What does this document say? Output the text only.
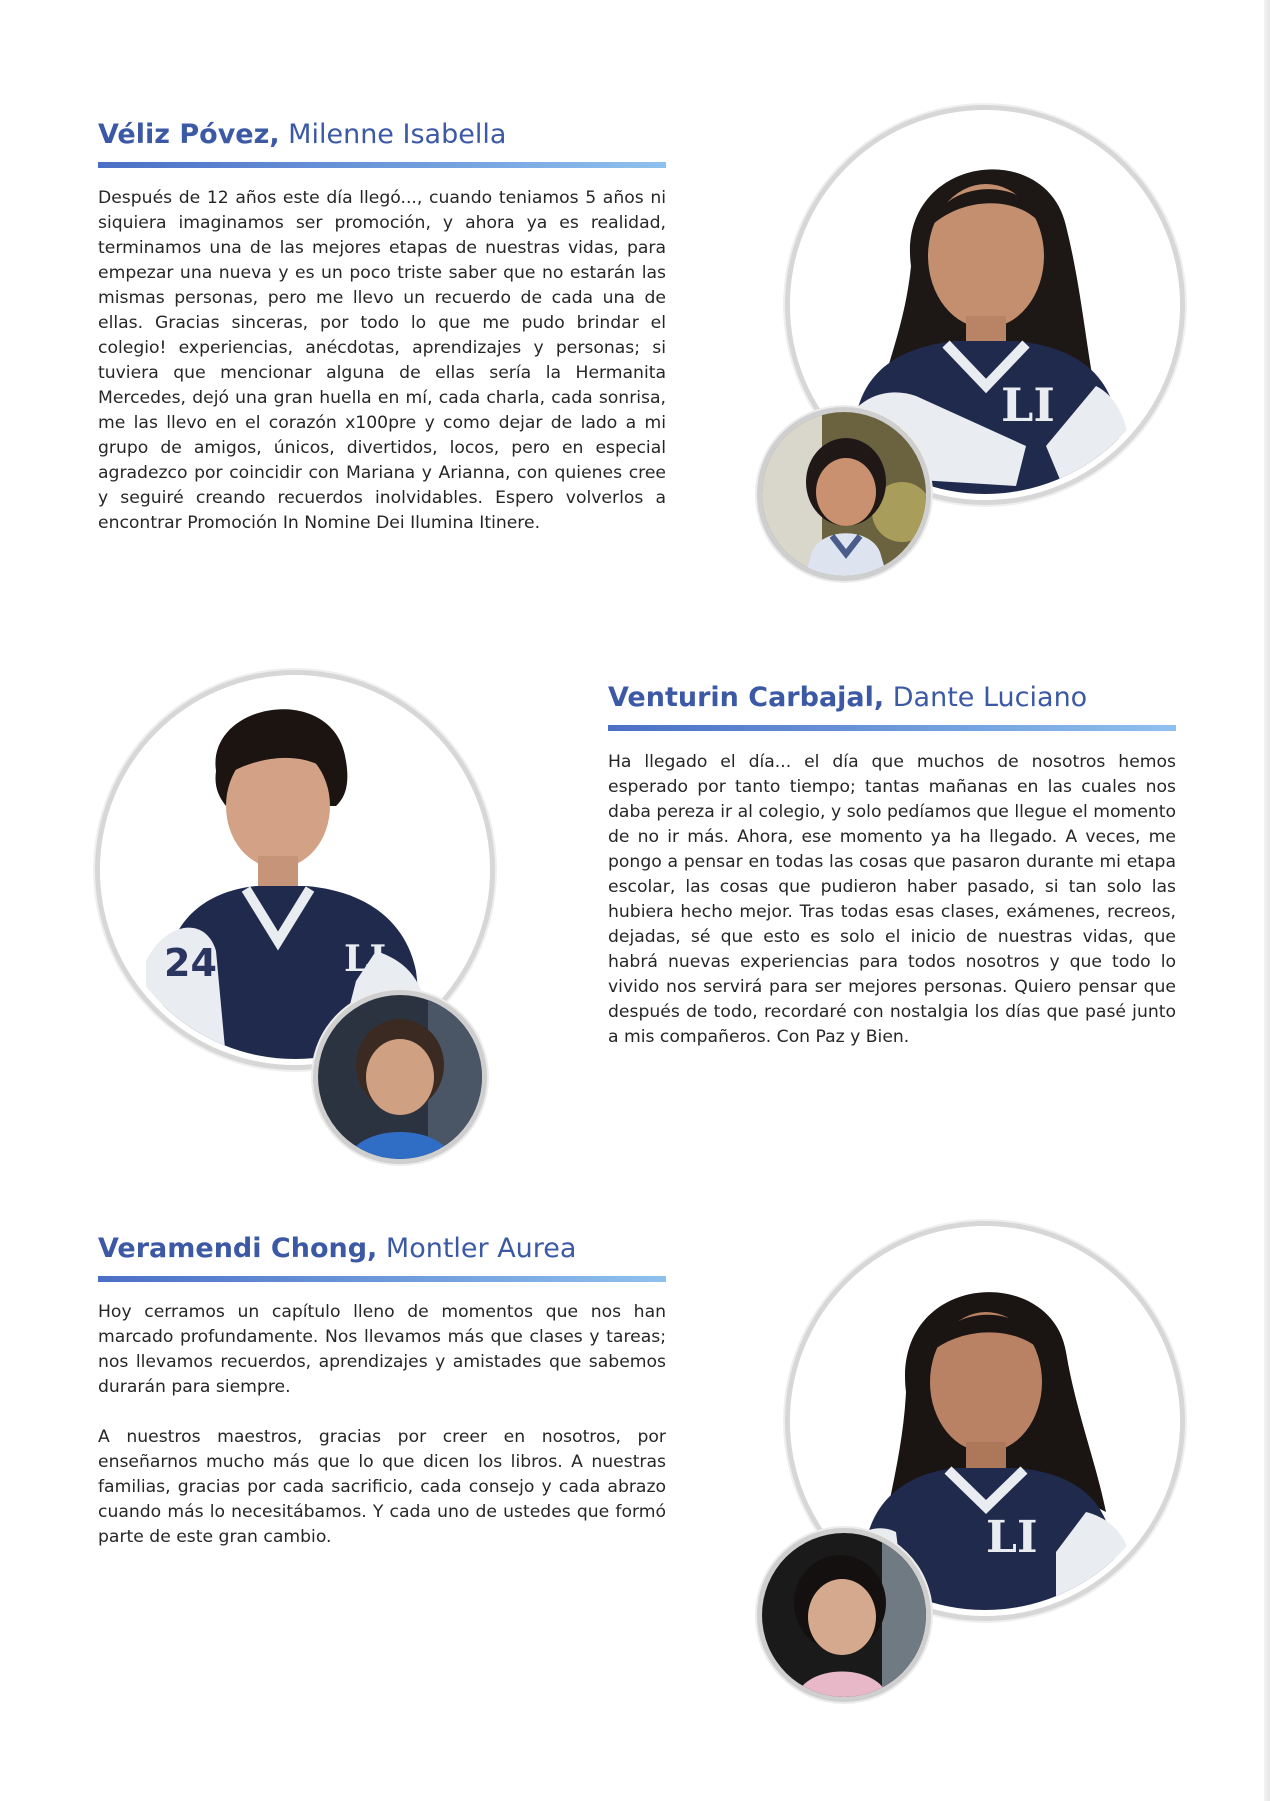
Véliz Póvez, Milenne Isabella

Después de 12 años este día llegó..., cuando teniamos 5 años ni siquiera imaginamos ser promoción, y ahora ya es realidad, terminamos una de las mejores etapas de nuestras vidas, para empezar una nueva y es un poco triste saber que no estarán las mismas personas, pero me llevo un recuerdo de cada una de ellas. Gracias sinceras, por todo lo que me pudo brindar el colegio! experiencias, anécdotas, aprendizajes y personas; si tuviera que mencionar alguna de ellas sería la Hermanita Mercedes, dejó una gran huella en mí, cada charla, cada sonrisa, me las llevo en el corazón x100pre y como dejar de lado a mi grupo de amigos, únicos, divertidos, locos, pero en especial agradezco por coincidir con Mariana y Arianna, con quienes cree y seguiré creando recuerdos inolvidables. Espero volverlos a encontrar Promoción In Nomine Dei Ilumina Itinere.

LI
24	LI
Venturin Carbajal, Dante Luciano

Ha llegado el día... el día que muchos de nosotros hemos esperado por tanto tiempo; tantas mañanas en las cuales nos daba pereza ir al colegio, y solo pedíamos que llegue el momento de no ir más. Ahora, ese momento ya ha llegado. A veces, me pongo a pensar en todas las cosas que pasaron durante mi etapa escolar, las cosas que pudieron haber pasado, si tan solo las hubiera hecho mejor. Tras todas esas clases, exámenes, recreos, dejadas, sé que esto es solo el inicio de nuestras vidas, que habrá nuevas experiencias para todos nosotros y que todo lo vivido nos servirá para ser mejores personas. Quiero pensar que después de todo, recordaré con nostalgia los días que pasé junto a mis compañeros. Con Paz y Bien.

Veramendi Chong, Montler Aurea

Hoy cerramos un capítulo lleno de momentos que nos han marcado profundamente. Nos llevamos más que clases y tareas; nos llevamos recuerdos, aprendizajes y amistades que sabemos durarán para siempre.

A nuestros maestros, gracias por creer en nosotros, por enseñarnos mucho más que lo que dicen los libros. A nuestras familias, gracias por cada sacrificio, cada consejo y cada abrazo cuando más lo necesitábamos. Y cada uno de ustedes que formó parte de este gran cambio.	LI
